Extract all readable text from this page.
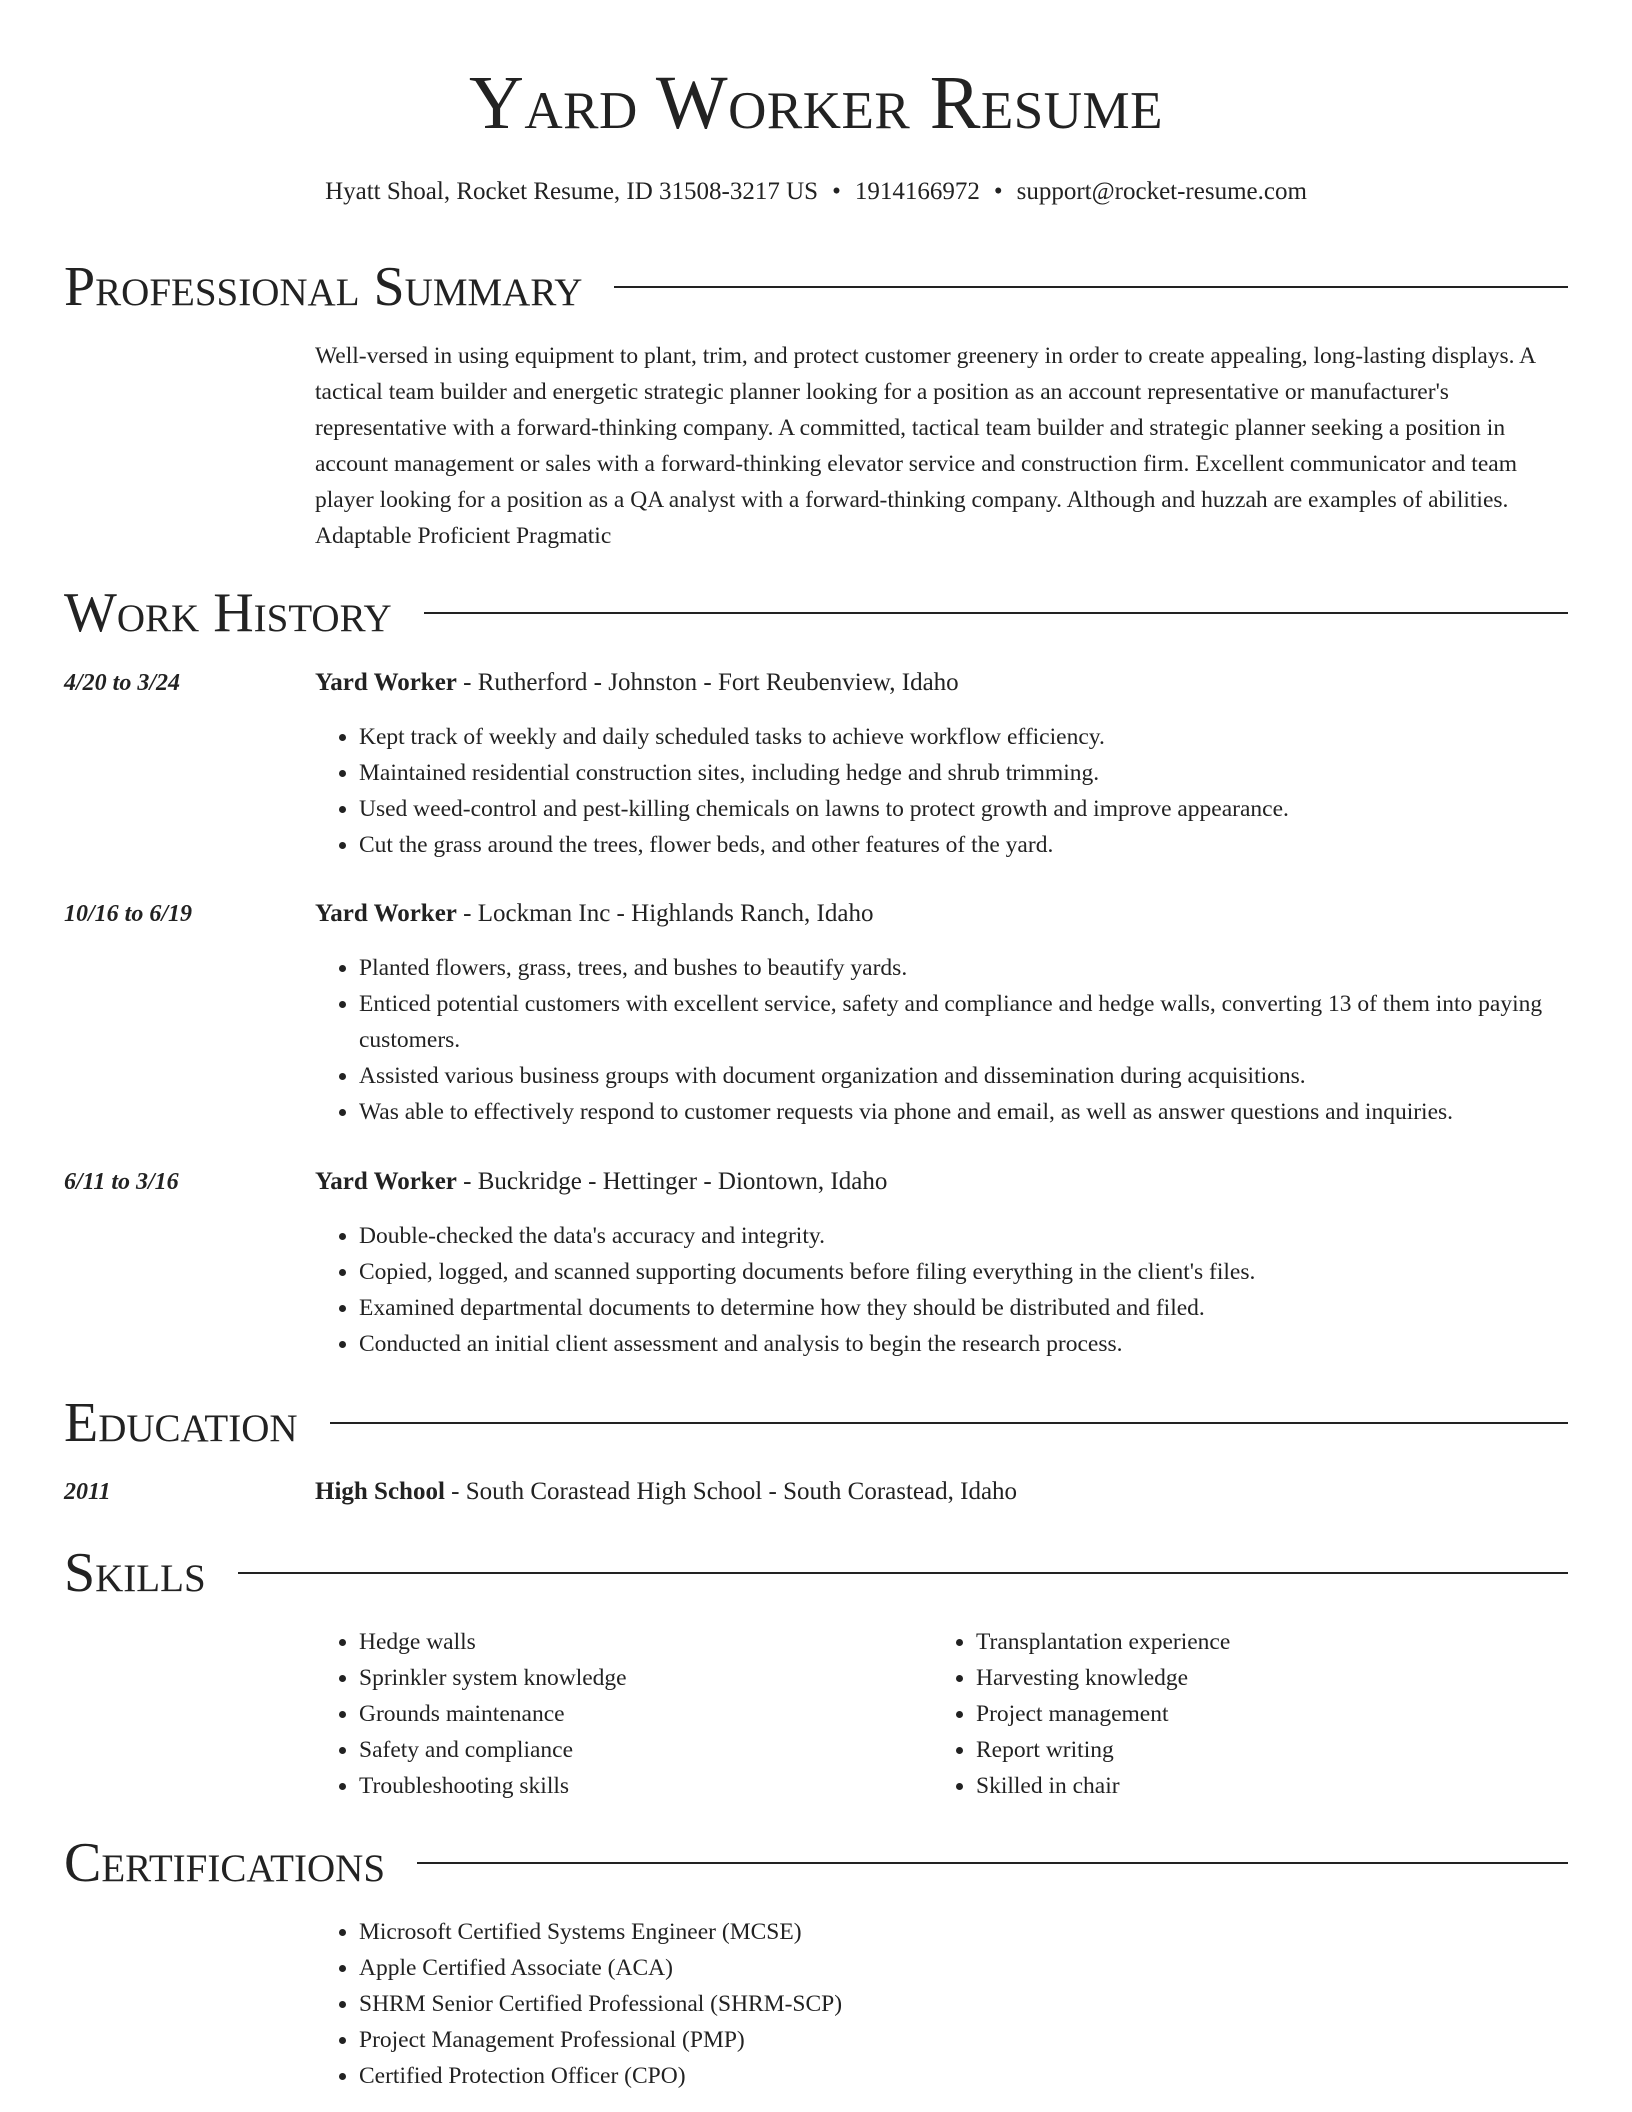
Yard Worker Resume
Hyatt Shoal, Rocket Resume, ID 31508-3217 US • 1914166972 • support@rocket-resume.com
Professional Summary
Well-versed in using equipment to plant, trim, and protect customer greenery in order to create appealing, long-lasting displays. A tactical team builder and energetic strategic planner looking for a position as an account representative or manufacturer's representative with a forward-thinking company. A committed, tactical team builder and strategic planner seeking a position in account management or sales with a forward-thinking elevator service and construction firm. Excellent communicator and team player looking for a position as a QA analyst with a forward-thinking company. Although and huzzah are examples of abilities. Adaptable Proficient Pragmatic
Work History
4/20 to 3/24	Yard Worker - Rutherford - Johnston - Fort Reubenview, Idaho
• Kept track of weekly and daily scheduled tasks to achieve workflow efficiency.
• Maintained residential construction sites, including hedge and shrub trimming.
• Used weed-control and pest-killing chemicals on lawns to protect growth and improve appearance.
• Cut the grass around the trees, flower beds, and other features of the yard.
10/16 to 6/19	Yard Worker - Lockman Inc - Highlands Ranch, Idaho
• Planted flowers, grass, trees, and bushes to beautify yards.
• Enticed potential customers with excellent service, safety and compliance and hedge walls, converting 13 of them into paying customers.
• Assisted various business groups with document organization and dissemination during acquisitions.
• Was able to effectively respond to customer requests via phone and email, as well as answer questions and inquiries.
6/11 to 3/16	Yard Worker - Buckridge - Hettinger - Diontown, Idaho
• Double-checked the data's accuracy and integrity.
• Copied, logged, and scanned supporting documents before filing everything in the client's files.
• Examined departmental documents to determine how they should be distributed and filed.
• Conducted an initial client assessment and analysis to begin the research process.
Education
2011	High School - South Corastead High School - South Corastead, Idaho
Skills
• Hedge walls
• Sprinkler system knowledge
• Grounds maintenance
• Safety and compliance
• Troubleshooting skills
• Transplantation experience
• Harvesting knowledge
• Project management
• Report writing
• Skilled in chair
Certifications
• Microsoft Certified Systems Engineer (MCSE)
• Apple Certified Associate (ACA)
• SHRM Senior Certified Professional (SHRM-SCP)
• Project Management Professional (PMP)
• Certified Protection Officer (CPO)
